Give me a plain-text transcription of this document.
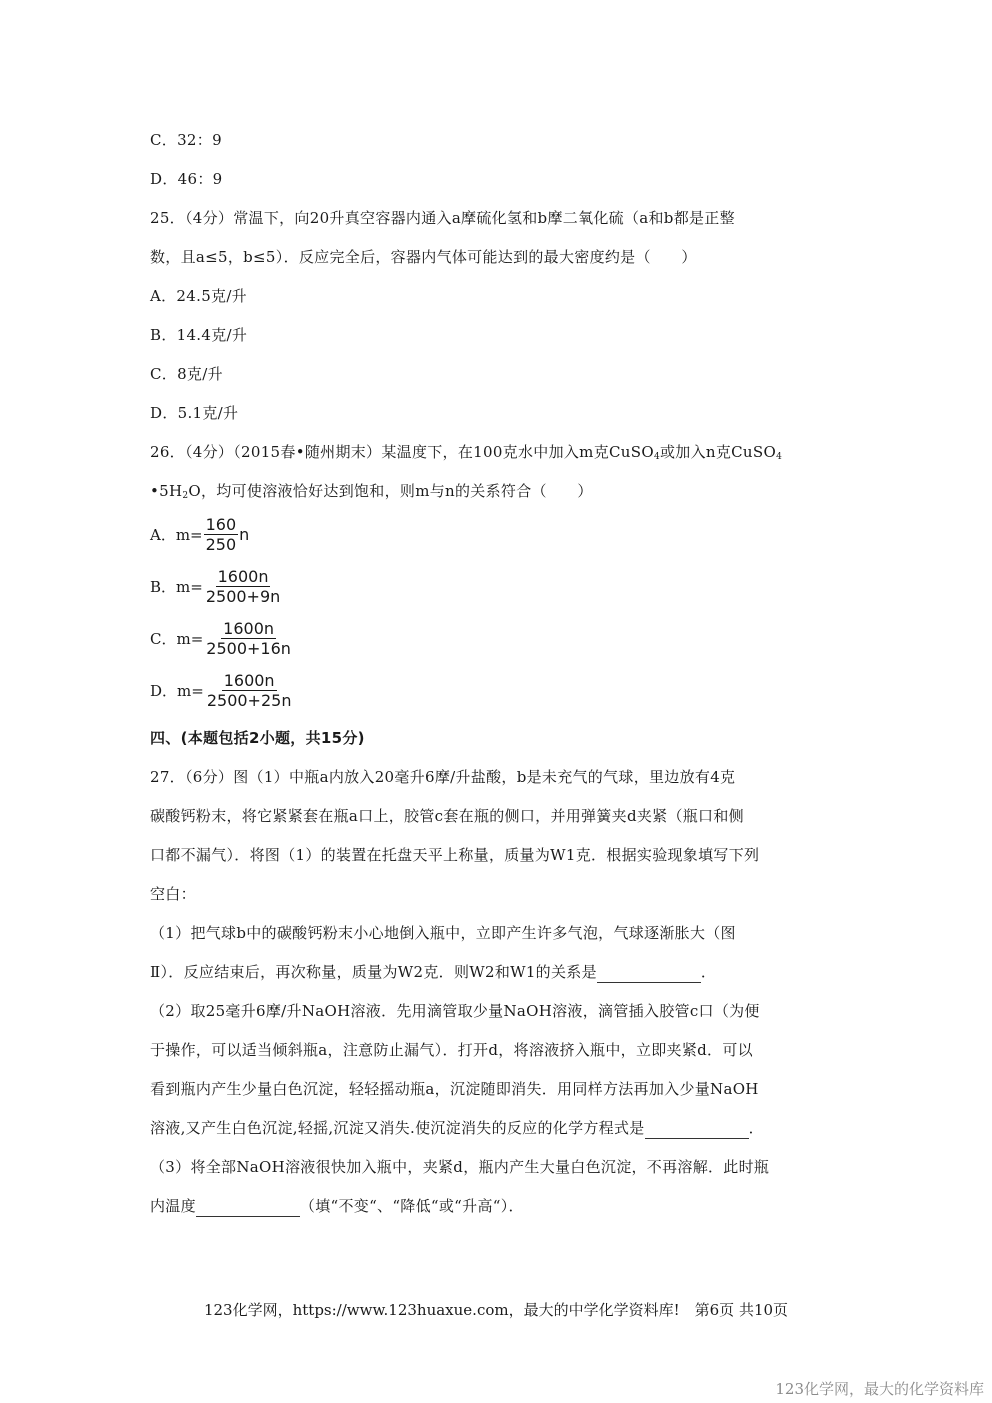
C．32：9
D．46：9
25．（4分）常温下，向20升真空容器内通入a摩硫化氢和b摩二氧化硫（a和b都是正整
数，且a≤5，b≤5）．反应完全后，容器内气体可能达到的最大密度约是（　　）
A．24.5克/升
B．14.4克/升
C．8克/升
D．5.1克/升
26．（4分）（2015春•随州期末）某温度下，在100克水中加入m克CuSO$_4$或加入n克CuSO$_4$
$•5H_2O$，均可使溶液恰好达到饱和，则m与n的关系符合（　　）
A．$m= \frac{160}{250}$ n
B．$m= \frac{1600n}{2500+9n}$
C．$m= \frac{1600n}{2500+16n}$
D．$m= \frac{1600n}{2500+25n}$
四、(本题包括2小题，共15分)
27．（6分）图（1）中瓶a内放入20毫升6摩/升盐酸，b是未充气的气球，里边放有4克
碳酸钙粉末，将它紧紧套在瓶a口上，胶管c套在瓶的侧口，并用弹簧夹d夹紧（瓶口和侧
口都不漏气）．将图（1）的装置在托盘天平上称量，质量为W1克．根据实验现象填写下列
空白：
（1）把气球b中的碳酸钙粉末小心地倒入瓶中，立即产生许多气泡，气球逐渐胀大（图
Ⅱ）．反应结束后，再次称量，质量为W2克．则W2和W1的关系是	．
（2）取25毫升6摩/升NaOH溶液．先用滴管取少量NaOH溶液，滴管插入胶管c口（为便
于操作，可以适当倾斜瓶a，注意防止漏气）．打开d，将溶液挤入瓶中，立即夹紧d．可以
看到瓶内产生少量白色沉淀，轻轻摇动瓶a，沉淀随即消失．用同样方法再加入少量NaOH
溶液,又产生白色沉淀,轻摇,沉淀又消失.使沉淀消失的反应的化学方程式是	．
（3）将全部NaOH溶液很快加入瓶中，夹紧d，瓶内产生大量白色沉淀，不再溶解．此时瓶
内温度	（填“不变“、“降低“或“升高“）．
123化学网，https://www.123huaxue.com，最大的中学化学资料库!　第6页 共10页
123化学网，最大的化学资料库
